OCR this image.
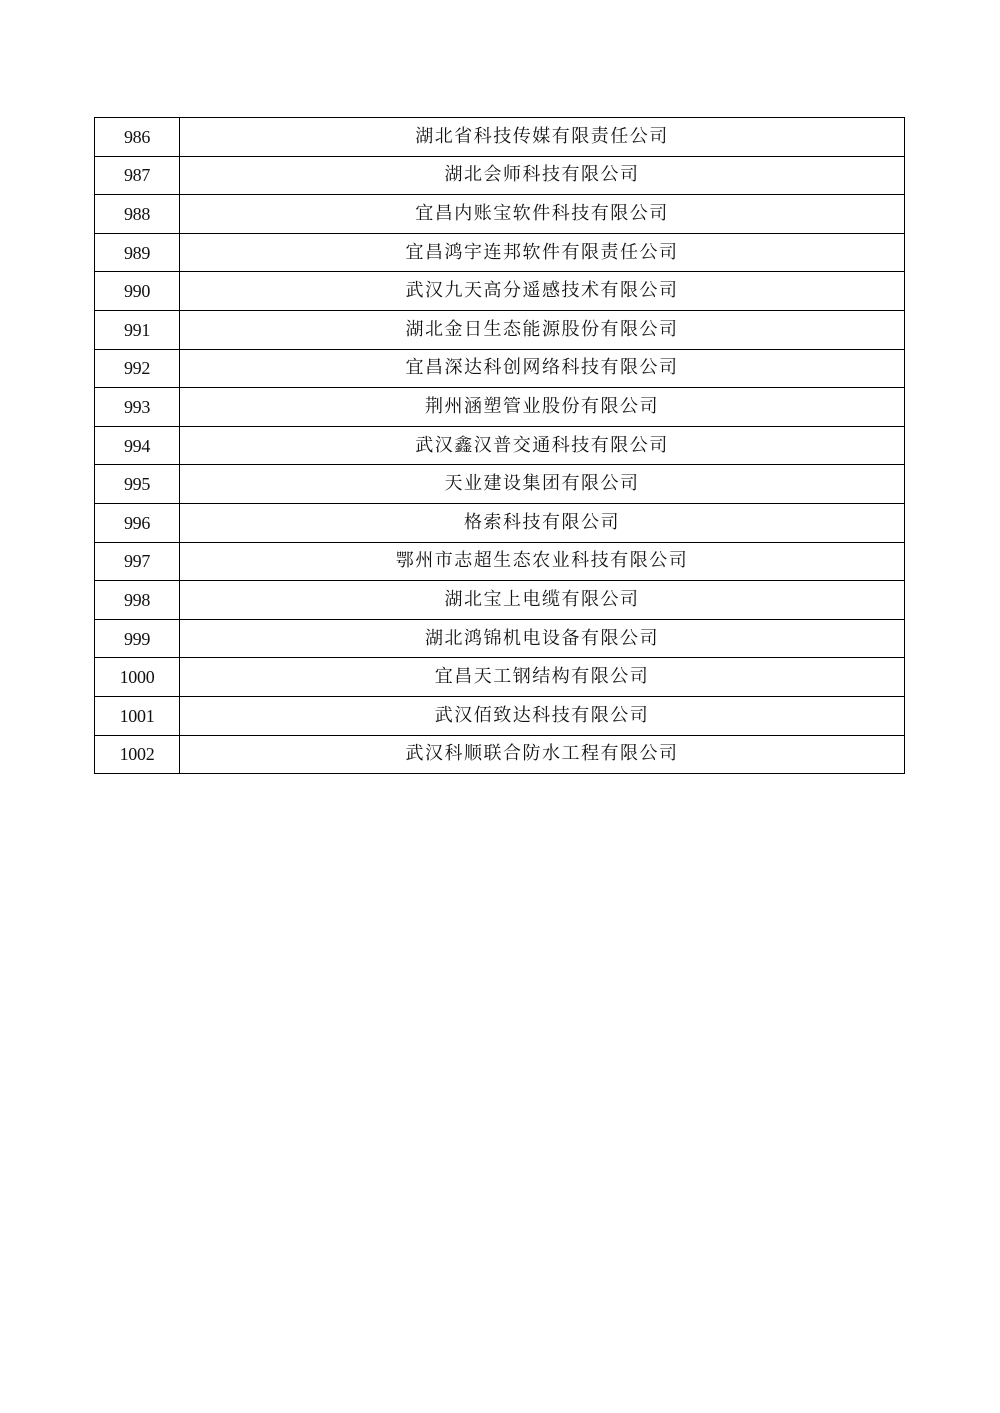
986	湖北省科技传媒有限责任公司
987	湖北会师科技有限公司
988	宜昌内账宝软件科技有限公司
989	宜昌鸿宇连邦软件有限责任公司
990	武汉九天高分遥感技术有限公司
991	湖北金日生态能源股份有限公司
992	宜昌深达科创网络科技有限公司
993	荆州涵塑管业股份有限公司
994	武汉鑫汉普交通科技有限公司
995	天业建设集团有限公司
996	格索科技有限公司
997	鄂州市志超生态农业科技有限公司
998	湖北宝上电缆有限公司
999	湖北鸿锦机电设备有限公司
1000	宜昌天工钢结构有限公司
1001	武汉佰致达科技有限公司
1002	武汉科顺联合防水工程有限公司
